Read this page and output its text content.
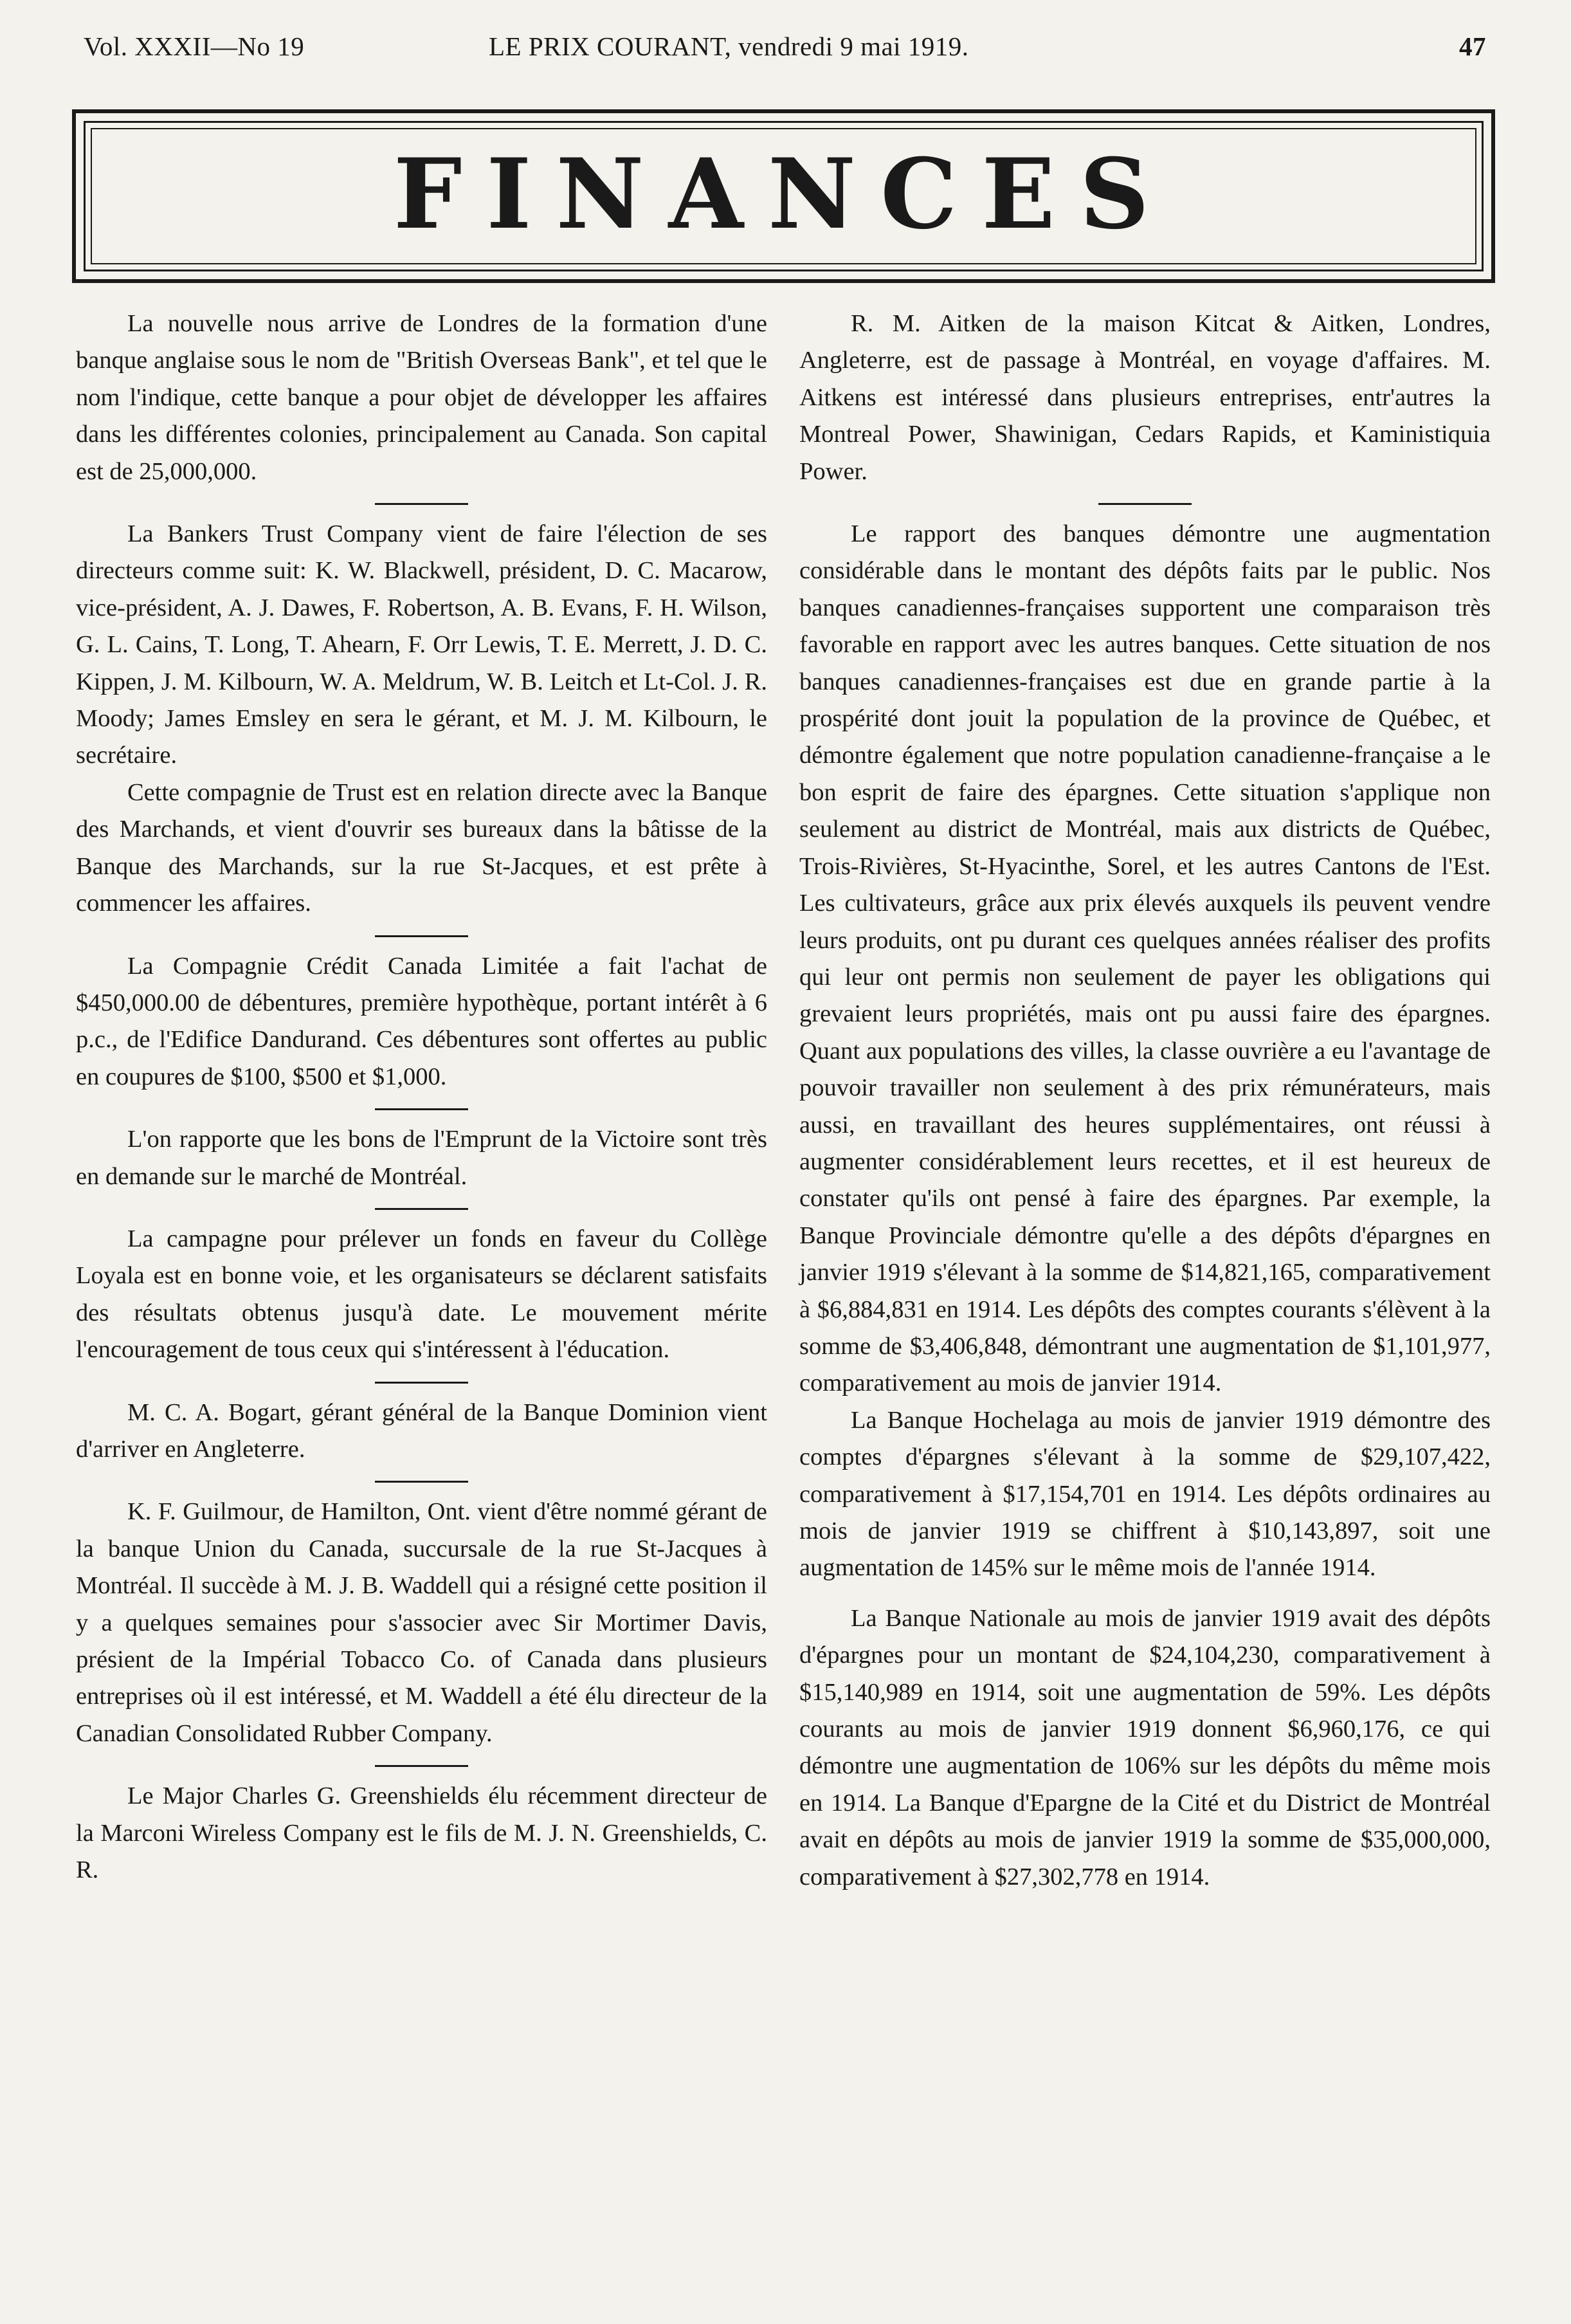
Vol. XXXII—No 19	LE PRIX COURANT, vendredi 9 mai 1919.	47
FINANCES

La nouvelle nous arrive de Londres de la formation d'une banque anglaise sous le nom de "British Overseas Bank", et tel que le nom l'indique, cette banque a pour objet de développer les affaires dans les différentes colonies, principalement au Canada. Son capital est de 25,000,000.

La Bankers Trust Company vient de faire l'élection de ses directeurs comme suit: K. W. Blackwell, président, D. C. Macarow, vice-président, A. J. Dawes, F. Robertson, A. B. Evans, F. H. Wilson, G. L. Cains, T. Long, T. Ahearn, F. Orr Lewis, T. E. Merrett, J. D. C. Kippen, J. M. Kilbourn, W. A. Meldrum, W. B. Leitch et Lt-Col. J. R. Moody; James Emsley en sera le gérant, et M. J. M. Kilbourn, le secrétaire.

Cette compagnie de Trust est en relation directe avec la Banque des Marchands, et vient d'ouvrir ses bureaux dans la bâtisse de la Banque des Marchands, sur la rue St-Jacques, et est prête à commencer les affaires.

La Compagnie Crédit Canada Limitée a fait l'achat de $450,000.00 de débentures, première hypothèque, portant intérêt à 6 p.c., de l'Edifice Dandurand. Ces débentures sont offertes au public en coupures de $100, $500 et $1,000.

L'on rapporte que les bons de l'Emprunt de la Victoire sont très en demande sur le marché de Montréal.

La campagne pour prélever un fonds en faveur du Collège Loyala est en bonne voie, et les organisateurs se déclarent satisfaits des résultats obtenus jusqu'à date. Le mouvement mérite l'encouragement de tous ceux qui s'intéressent à l'éducation.

M. C. A. Bogart, gérant général de la Banque Dominion vient d'arriver en Angleterre.

K. F. Guilmour, de Hamilton, Ont. vient d'être nommé gérant de la banque Union du Canada, succursale de la rue St-Jacques à Montréal. Il succède à M. J. B. Waddell qui a résigné cette position il y a quelques semaines pour s'associer avec Sir Mortimer Davis, présient de la Impérial Tobacco Co. of Canada dans plusieurs entreprises où il est intéressé, et M. Waddell a été élu directeur de la Canadian Consolidated Rubber Company.

Le Major Charles G. Greenshields élu récemment directeur de la Marconi Wireless Company est le fils de M. J. N. Greenshields, C. R.

R. M. Aitken de la maison Kitcat & Aitken, Londres, Angleterre, est de passage à Montréal, en voyage d'affaires. M. Aitkens est intéressé dans plusieurs entreprises, entr'autres la Montreal Power, Shawinigan, Cedars Rapids, et Kaministiquia Power.

Le rapport des banques démontre une augmentation considérable dans le montant des dépôts faits par le public. Nos banques canadiennes-françaises supportent une comparaison très favorable en rapport avec les autres banques. Cette situation de nos banques canadiennes-françaises est due en grande partie à la prospérité dont jouit la population de la province de Québec, et démontre également que notre population canadienne-française a le bon esprit de faire des épargnes. Cette situation s'applique non seulement au district de Montréal, mais aux districts de Québec, Trois-Rivières, St-Hyacinthe, Sorel, et les autres Cantons de l'Est. Les cultivateurs, grâce aux prix élevés auxquels ils peuvent vendre leurs produits, ont pu durant ces quelques années réaliser des profits qui leur ont permis non seulement de payer les obligations qui grevaient leurs propriétés, mais ont pu aussi faire des épargnes. Quant aux populations des villes, la classe ouvrière a eu l'avantage de pouvoir travailler non seulement à des prix rémunérateurs, mais aussi, en travaillant des heures supplémentaires, ont réussi à augmenter considérablement leurs recettes, et il est heureux de constater qu'ils ont pensé à faire des épargnes. Par exemple, la Banque Provinciale démontre qu'elle a des dépôts d'épargnes en janvier 1919 s'élevant à la somme de $14,821,165, comparativement à $6,884,831 en 1914. Les dépôts des comptes courants s'élèvent à la somme de $3,406,848, démontrant une augmentation de $1,101,977, comparativement au mois de janvier 1914.

La Banque Hochelaga au mois de janvier 1919 démontre des comptes d'épargnes s'élevant à la somme de $29,107,422, comparativement à $17,154,701 en 1914. Les dépôts ordinaires au mois de janvier 1919 se chiffrent à $10,143,897, soit une augmentation de 145% sur le même mois de l'année 1914.

La Banque Nationale au mois de janvier 1919 avait des dépôts d'épargnes pour un montant de $24,104,230, comparativement à $15,140,989 en 1914, soit une augmentation de 59%. Les dépôts courants au mois de janvier 1919 donnent $6,960,176, ce qui démontre une augmentation de 106% sur les dépôts du même mois en 1914. La Banque d'Epargne de la Cité et du District de Montréal avait en dépôts au mois de janvier 1919 la somme de $35,000,000, comparativement à $27,302,778 en 1914.
